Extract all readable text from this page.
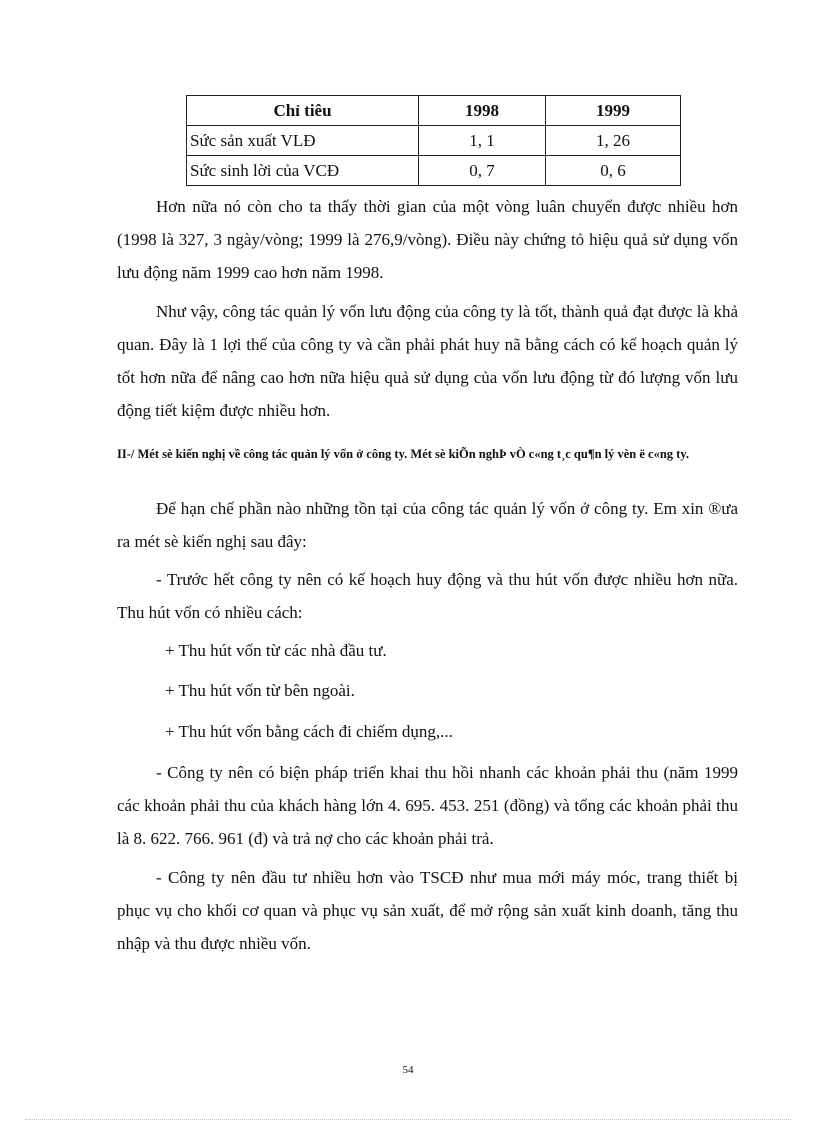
Chỉ tiêu	1998	1999
Sức sản xuất VLĐ	1, 1	1, 26
Sức sinh lời của VCĐ	0, 7	0, 6

Hơn nữa nó còn cho ta thấy thời gian của một vòng luân chuyển được nhiều hơn (1998 là 327, 3 ngày/vòng; 1999 là 276,9/vòng). Điều này chứng tỏ hiệu quả sử dụng vốn lưu động năm 1999 cao hơn năm 1998.

Như vậy, công tác quản lý vốn lưu động của công ty là tốt, thành quả đạt được là khả quan. Đây là 1 lợi thế của công ty và cần phải phát huy nã bằng cách có kế hoạch quản lý tốt hơn nữa để nâng cao hơn nữa hiệu quả sử dụng của vốn lưu động từ đó lượng vốn lưu động tiết kiệm được nhiều hơn.

II-/ Mét sè kiến nghị về công tác quản lý vốn ở công ty. Mét sè kiÕn nghÞ vÒ c«ng t¸c qu¶n lý vèn ë c«ng ty.

Để hạn chế phần nào những tồn tại của công tác quản lý vốn ở công ty. Em xin ®ưa ra mét sè kiến nghị sau đây:

- Trước hết công ty nên có kế hoạch huy động và thu hút vốn được nhiều hơn nữa. Thu hút vốn có nhiều cách:

+ Thu hút vốn từ các nhà đầu tư.

+ Thu hút vốn từ bên ngoài.

+ Thu hút vốn bằng cách đi chiếm dụng,...

- Công ty nên có biện pháp triển khai thu hồi nhanh các khoản phải thu (năm 1999 các khoản phải thu của khách hàng lớn 4. 695. 453. 251 (đồng) và tổng các khoản phải thu là 8. 622. 766. 961 (đ) và trả nợ cho các khoản phải trả.

- Công ty nên đầu tư nhiều hơn vào TSCĐ như mua mới máy móc, trang thiết bị phục vụ cho khối cơ quan và phục vụ sản xuất, để mở rộng sản xuất kinh doanh, tăng thu nhập và thu được nhiều vốn.

54
